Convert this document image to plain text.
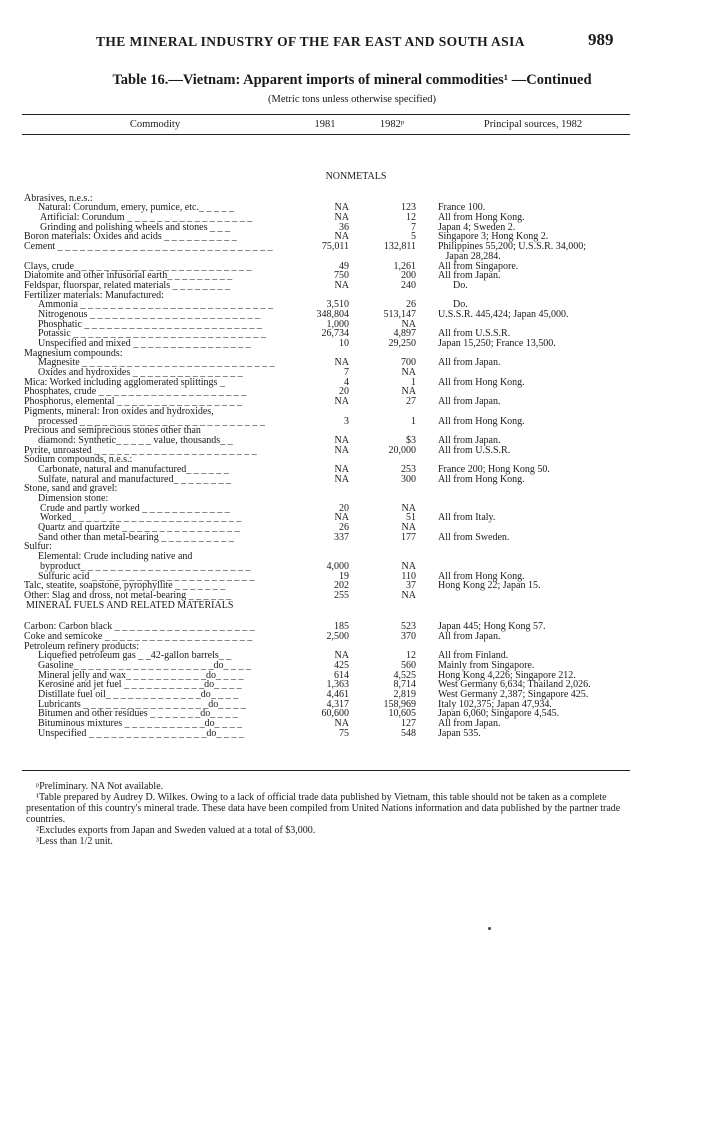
THE MINERAL INDUSTRY OF THE FAR EAST AND SOUTH ASIA	989
Table 16.—Vietnam: Apparent imports of mineral commodities¹ —Continued
(Metric tons unless otherwise specified)
Commodity	1981	1982ᵖ	Principal sources, 1982
NONMETALS
Abrasives, n.e.s.:
Natural: Corundum, emery, pumice, etc._ _ _ _ _	NA	123 France 100.
Artificial: Corundum _ _ _ _ _ _ _ _ _ _ _ _ _ _ _ _ _	NA	12 All from Hong Kong.
Grinding and polishing wheels and stones _ _ _	36	7 Japan 4; Sweden 2.
Boron materials: Oxides and acids _ _ _ _ _ _ _ _ _ _	NA	5 Singapore 3; Hong Kong 2.
Cement _ _ _ _ _ _ _ _ _ _ _ _ _ _ _ _ _ _ _ _ _ _ _ _ _ _ _ _ _	75,011	132,811 Philippines 55,200; U.S.S.R. 34,000;
Japan 28,284.
Clays, crude_ _ _ _ _ _ _ _ _ _ _ _ _ _ _ _ _ _ _ _ _ _ _ _	49	1,261 All from Singapore.
Diatomite and other infusorial earth_ _ _ _ _ _ _ _ _	750	200 All from Japan.
Feldspar, fluorspar, related materials _ _ _ _ _ _ _ _	NA	240 Do.
Fertilizer materials: Manufactured:
Ammonia _ _ _ _ _ _ _ _ _ _ _ _ _ _ _ _ _ _ _ _ _ _ _ _ _ _	3,510	26 Do.
Nitrogenous _ _ _ _ _ _ _ _ _ _ _ _ _ _ _ _ _ _ _ _ _ _ _	348,804	513,147 U.S.S.R. 445,424; Japan 45,000.
Phosphatic _ _ _ _ _ _ _ _ _ _ _ _ _ _ _ _ _ _ _ _ _ _ _ _	1,000	NA
Potassic _ _ _ _ _ _ _ _ _ _ _ _ _ _ _ _ _ _ _ _ _ _ _ _ _ _	26,734	4,897 All from U.S.S.R.
Unspecified and mixed _ _ _ _ _ _ _ _ _ _ _ _ _ _ _ _	10	29,250 Japan 15,250; France 13,500.
Magnesium compounds:
Magnesite _ _ _ _ _ _ _ _ _ _ _ _ _ _ _ _ _ _ _ _ _ _ _ _ _ _	NA	700 All from Japan.
Oxides and hydroxides _ _ _ _ _ _ _ _ _ _ _ _ _ _ _	7	NA
Mica: Worked including agglomerated splittings _	4	1 All from Hong Kong.
Phosphates, crude _ _ _ _ _ _ _ _ _ _ _ _ _ _ _ _ _ _ _ _	20	NA
Phosphorus, elemental _ _ _ _ _ _ _ _ _ _ _ _ _ _ _ _ _	NA	27 All from Japan.
Pigments, mineral: Iron oxides and hydroxides,
processed _ _ _ _ _ _ _ _ _ _ _ _ _ _ _ _ _ _ _ _ _ _ _ _ _	3	1 All from Hong Kong.
Precious and semiprecious stones other than
diamond: Synthetic_ _ _ _ _ value, thousands_ _	NA	$3 All from Japan.
Pyrite, unroasted _ _ _ _ _ _ _ _ _ _ _ _ _ _ _ _ _ _ _ _ _ _	NA	20,000 All from U.S.S.R.
Sodium compounds, n.e.s.:
Carbonate, natural and manufactured_ _ _ _ _ _	NA	253 France 200; Hong Kong 50.
Sulfate, natural and manufactured_ _ _ _ _ _ _ _	NA	300 All from Hong Kong.
Stone, sand and gravel:
Dimension stone:
Crude and partly worked _ _ _ _ _ _ _ _ _ _ _ _	20	NA
Worked_ _ _ _ _ _ _ _ _ _ _ _ _ _ _ _ _ _ _ _ _ _ _	NA	51 All from Italy.
Quartz and quartzite _ _ _ _ _ _ _ _ _ _ _ _ _ _ _ _	26	NA
Sand other than metal-bearing _ _ _ _ _ _ _ _ _ _	337	177 All from Sweden.
Sulfur:
Elemental: Crude including native and
byproduct_ _ _ _ _ _ _ _ _ _ _ _ _ _ _ _ _ _ _ _ _ _ _	4,000	NA
Sulfuric acid _ _ _ _ _ _ _ _ _ _ _ _ _ _ _ _ _ _ _ _ _ _	19	110 All from Hong Kong.
Talc, steatite, soapstone, pyrophyllite _ _ _ _ _ _ _	202	37 Hong Kong 22; Japan 15.
Other: Slag and dross, not metal-bearing _ _ _ _ _ _	255	NA
MINERAL FUELS AND RELATED MATERIALS
Carbon: Carbon black _ _ _ _ _ _ _ _ _ _ _ _ _ _ _ _ _ _ _	185	523 Japan 445; Hong Kong 57.
Coke and semicoke _ _ _ _ _ _ _ _ _ _ _ _ _ _ _ _ _ _ _ _	2,500	370 All from Japan.
Petroleum refinery products:
Liquefied petroleum gas _ _42-gallon barrels_ _	NA	12 All from Finland.
Gasoline_ _ _ _ _ _ _ _ _ _ _ _ _ _ _ _ _ _ _do_ _ _ _	425	560 Mainly from Singapore.
Mineral jelly and wax_ _ _ _ _ _ _ _ _ _ _do_ _ _ _	614	4,525 Hong Kong 4,226; Singapore 212.
Kerosine and jet fuel _ _ _ _ _ _ _ _ _ _ _do_ _ _ _	1,363	8,714 West Germany 6,634; Thailand 2,026.
Distillate fuel oil_ _ _ _ _ _ _ _ _ _ _ _ _do_ _ _ _	4,461	2,819 West Germany 2,387; Singapore 425.
Lubricants _ _ _ _ _ _ _ _ _ _ _ _ _ _ _ _ _do_ _ _ _	4,317	158,969 Italy 102,375; Japan 47,934.
Bitumen and other residues _ _ _ _ _ _ _do_ _ _ _	60,600	10,605 Japan 6,060; Singapore 4,545.
Bituminous mixtures _ _ _ _ _ _ _ _ _ _ _do_ _ _ _	NA	127 All from Japan.
Unspecified _ _ _ _ _ _ _ _ _ _ _ _ _ _ _ _do_ _ _ _	75	548 Japan 535.

ᵖPreliminary. NA Not available.

¹Table prepared by Audrey D. Wilkes. Owing to a lack of official trade data published by Vietnam, this table should not be taken as a complete presentation of this country's mineral trade. These data have been compiled from United Nations information and data published by the partner trade countries.

²Excludes exports from Japan and Sweden valued at a total of $3,000.

³Less than 1/2 unit.
